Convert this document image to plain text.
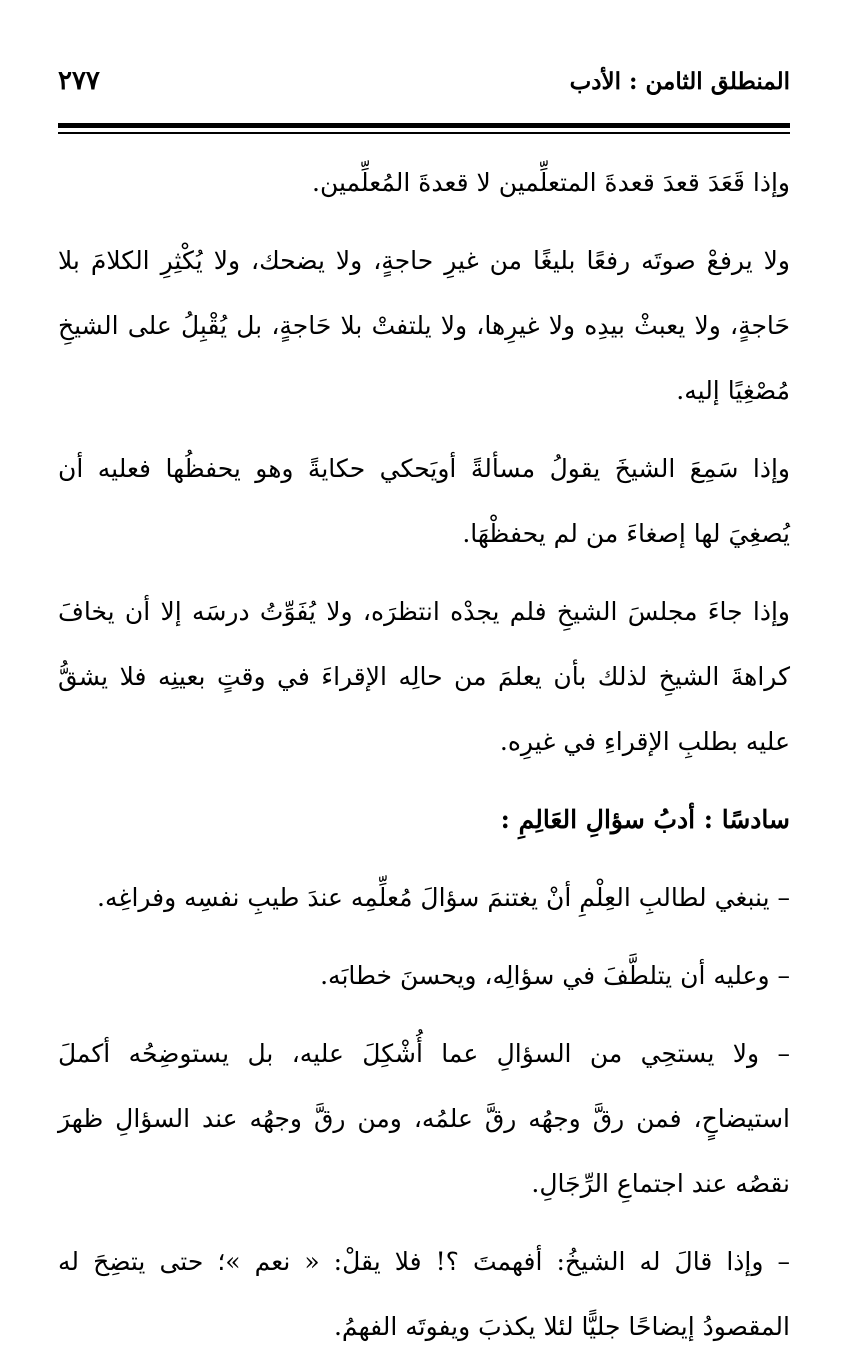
المنطلق الثامن : الأدب
٢٧٧

وإذا قَعَدَ قعدَ قعدةَ المتعلِّمين لا قعدةَ المُعلِّمين.

ولا يرفعْ صوتَه رفعًا بليغًا من غيرِ حاجةٍ، ولا يضحك، ولا يُكْثِرِ الكلامَ بلا حَاجةٍ، ولا يعبثْ بيدِه ولا غيرِها، ولا يلتفتْ بلا حَاجةٍ، بل يُقْبِلُ على الشيخِ مُصْغِيًا إليه.

وإذا سَمِعَ الشيخَ يقولُ مسألةً أويَحكي حكايةً وهو يحفظُها فعليه أن يُصغِيَ لها إصغاءَ من لم يحفظْهَا.

وإذا جاءَ مجلسَ الشيخِ فلم يجدْه انتظرَه، ولا يُفَوِّتُ درسَه إلا أن يخافَ كراهةَ الشيخِ لذلك بأن يعلمَ من حالِه الإقراءَ في وقتٍ بعينِه فلا يشقُّ عليه بطلبِ الإقراءِ في غيرِه.

سادسًا : أدبُ سؤالِ العَالِمِ :

– ينبغي لطالبِ العِلْمِ أنْ يغتنمَ سؤالَ مُعلِّمِه عندَ طيبِ نفسِه وفراغِه.

– وعليه أن يتلطَّفَ في سؤالِه، ويحسنَ خطابَه.

– ولا يستحِي من السؤالِ عما أُشْكِلَ عليه، بل يستوضِحُه أكملَ استيضاحٍ، فمن رقَّ وجهُه رقَّ علمُه، ومن رقَّ وجهُه عند السؤالِ ظهرَ نقصُه عند اجتماعِ الرِّجَالِ.

– وإذا قالَ له الشيخُ: أفهمتَ ؟! فلا يقلْ: « نعم »؛ حتى يتضِحَ له المقصودُ إيضاحًا جليًّا لئلا يكذبَ ويفوتَه الفهمُ.
